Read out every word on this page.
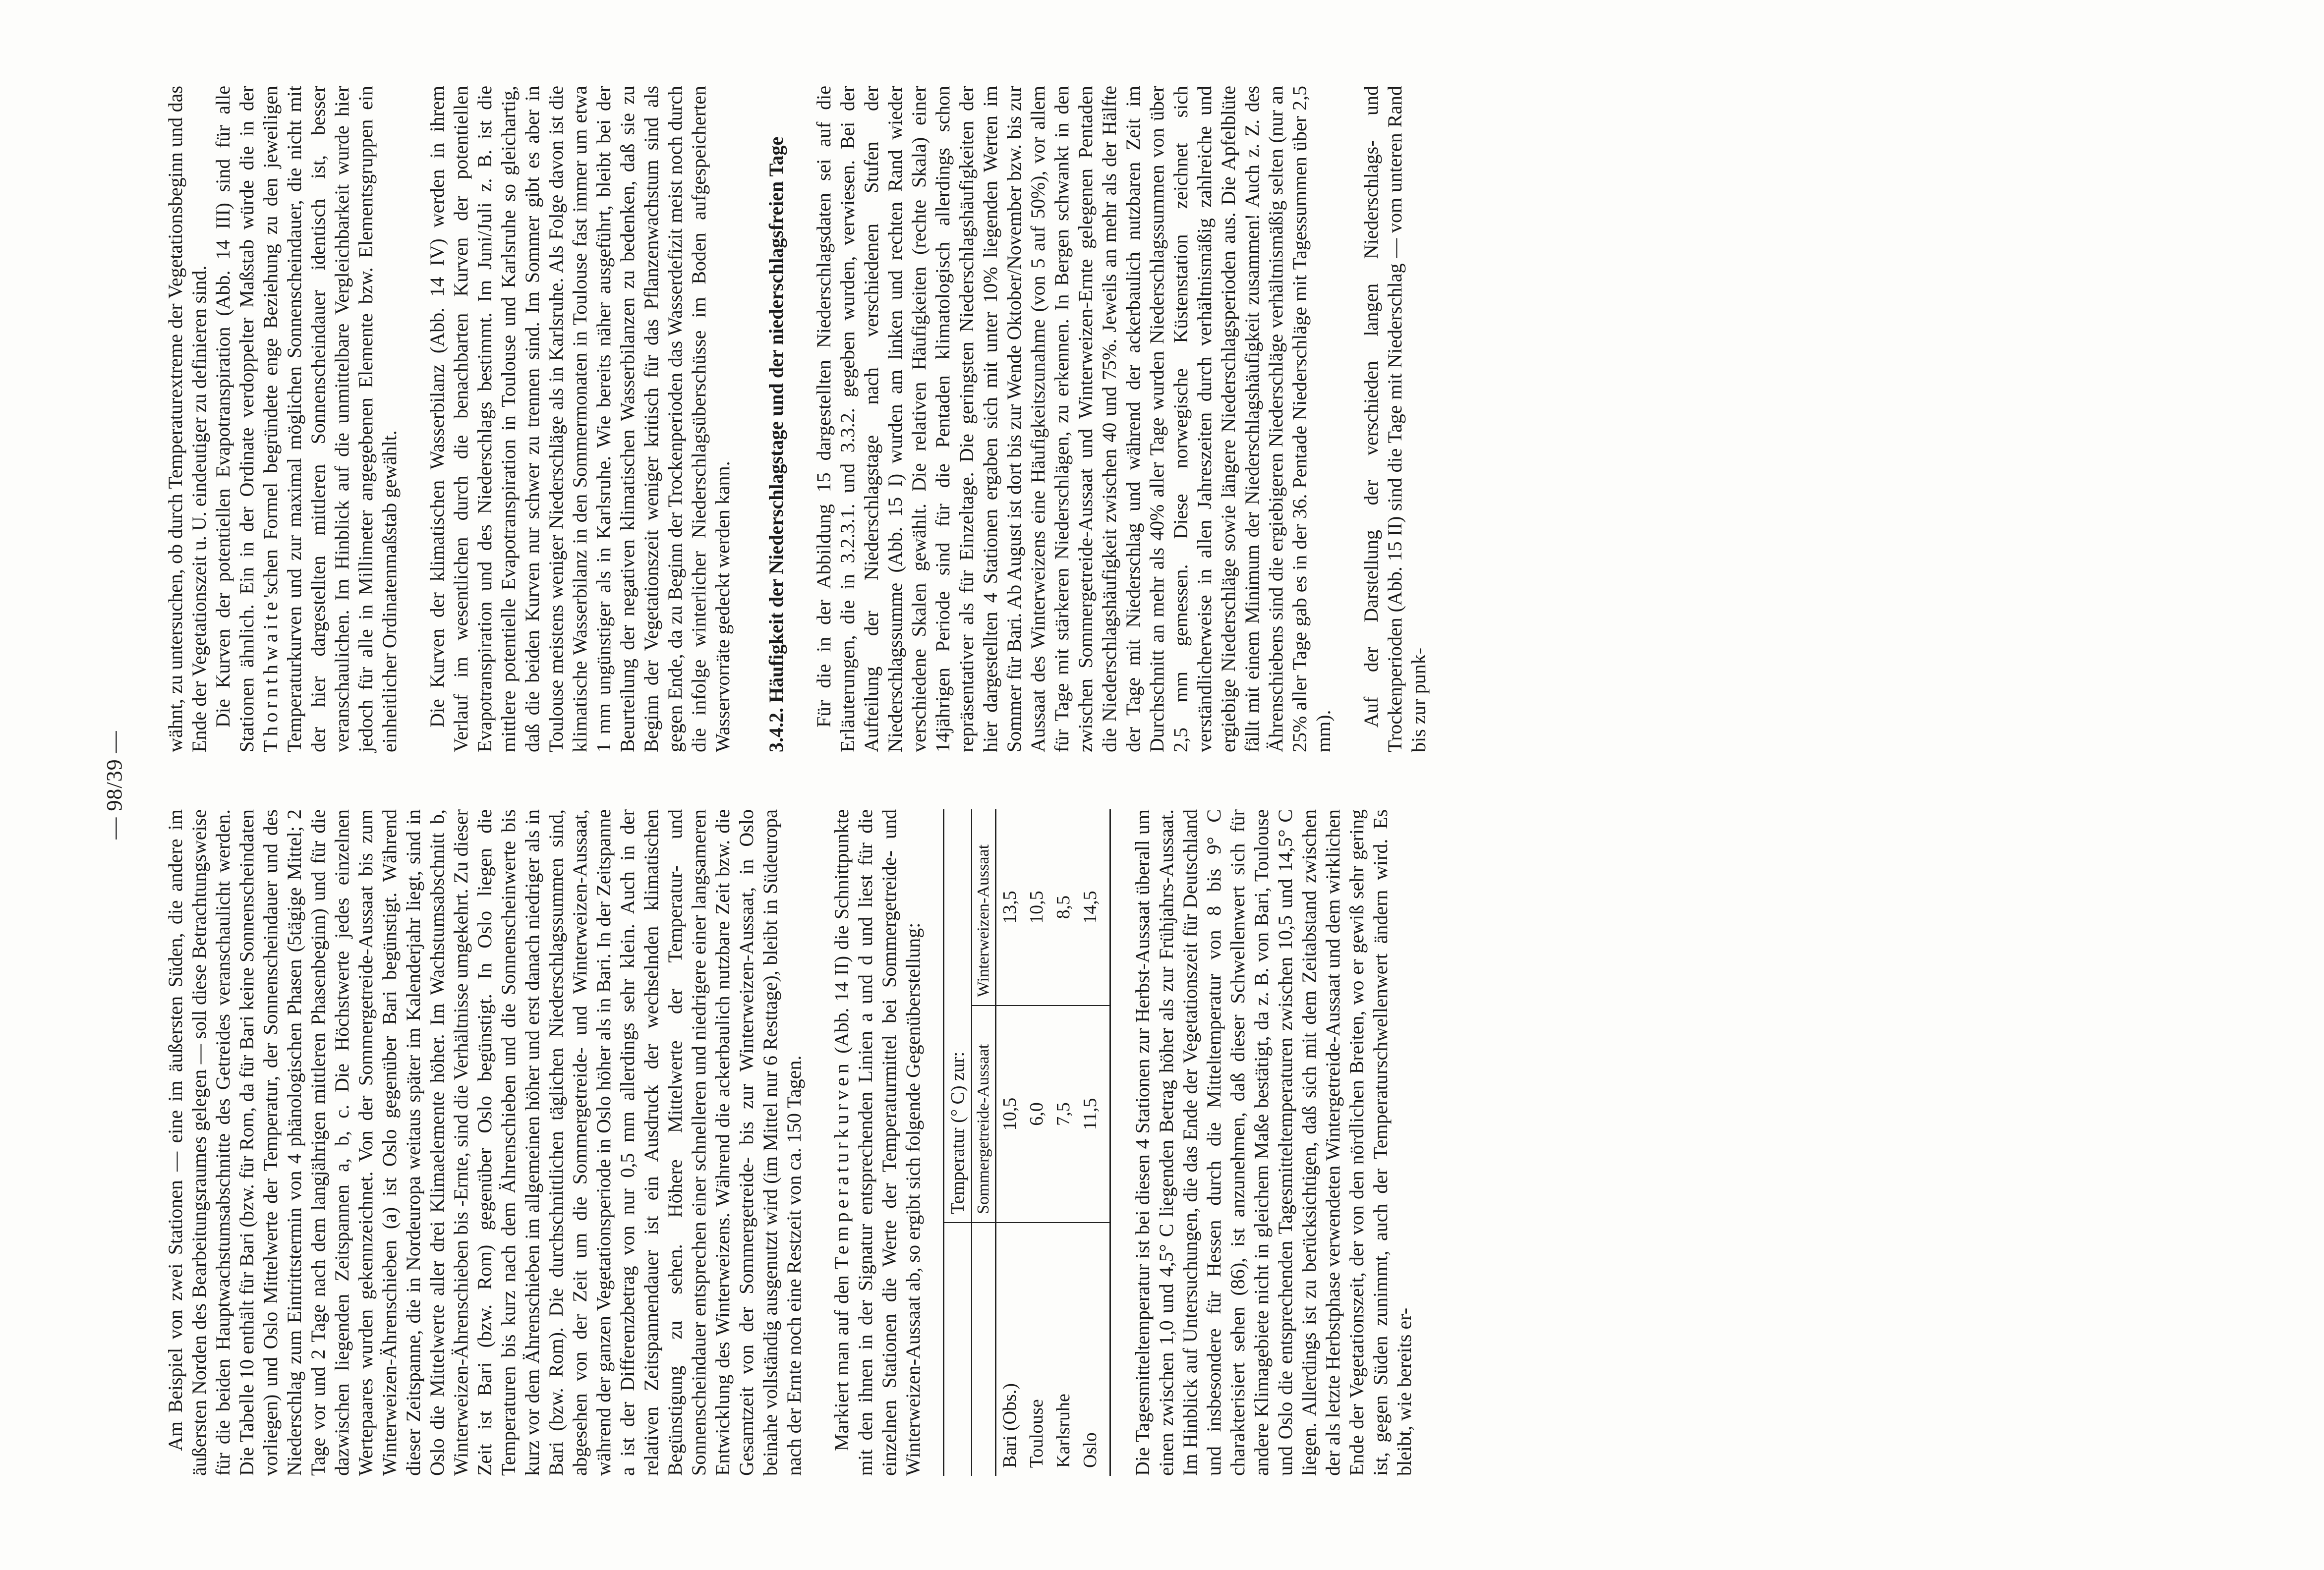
— 98/39 —

Am Beispiel von zwei Stationen — eine im äußersten Süden, die andere im äußersten Norden des Bearbeitungsraumes gelegen — soll diese Betrachtungsweise für die beiden Hauptwachstumsabschnitte des Getreides veranschaulicht werden. Die Tabelle 10 enthält für Bari (bzw. für Rom, da für Bari keine Sonnenscheindaten vorliegen) und Oslo Mittelwerte der Temperatur, der Sonnenscheindauer und des Niederschlag zum Eintrittstermin von 4 phänologischen Phasen (5tägige Mittel; 2 Tage vor und 2 Tage nach dem langjährigen mittleren Phasenbeginn) und für die dazwischen liegenden Zeitspannen a, b, c. Die Höchstwerte jedes einzelnen Wertepaares wurden gekennzeichnet. Von der Sommergetreide-Aussaat bis zum Winterweizen-Ährenschieben (a) ist Oslo gegenüber Bari begünstigt. Während dieser Zeitspanne, die in Nordeuropa weitaus später im Kalenderjahr liegt, sind in Oslo die Mittelwerte aller drei Klimaelemente höher. Im Wachstumsabschnitt b, Winterweizen-Ährenschieben bis -Ernte, sind die Verhältnisse umgekehrt. Zu dieser Zeit ist Bari (bzw. Rom) gegenüber Oslo begünstigt. In Oslo liegen die Temperaturen bis kurz nach dem Ährenschieben und die Sonnenscheinwerte bis kurz vor dem Ährenschieben im allgemeinen höher und erst danach niedriger als in Bari (bzw. Rom). Die durchschnittlichen täglichen Niederschlagssummen sind, abgesehen von der Zeit um die Sommergetreide- und Winterweizen-Aussaat, während der ganzen Vegetationsperiode in Oslo höher als in Bari. In der Zeitspanne a ist der Differenzbetrag von nur 0,5 mm allerdings sehr klein. Auch in der relativen Zeitspannendauer ist ein Ausdruck der wechselnden klimatischen Begünstigung zu sehen. Höhere Mittelwerte der Temperatur- und Sonnenscheindauer entsprechen einer schnelleren und niedrigere einer langsameren Entwicklung des Winterweizens. Während die ackerbaulich nutzbare Zeit bzw. die Gesamtzeit von der Sommergetreide- bis zur Winterweizen-Aussaat, in Oslo beinahe vollständig ausgenutzt wird (im Mittel nur 6 Resttage), bleibt in Südeuropa nach der Ernte noch eine Restzeit von ca. 150 Tagen. Markiert man auf den Temperaturkurven (Abb. 14 II) die Schnittpunkte mit den ihnen in der Signatur entsprechenden Linien a und d und liest für die einzelnen Stationen die Werte der Temperaturmittel bei Sommergetreide- und Winterweizen-Aussaat ab, so ergibt sich folgende Gegenüberstellung:

	Temperatur (° C) zur:	
	Sommergetreide-Aussaat	Winterweizen-Aussaat
Bari (Obs.)	10,5	13,5
Toulouse	6,0	10,5
Karlsruhe	7,5	8,5
Oslo	11,5	14,5 Die Tagesmitteltemperatur ist bei diesen 4 Stationen zur Herbst-Aussaat überall um einen zwischen 1,0 und 4,5° C liegenden Betrag höher als zur Frühjahrs-Aussaat. Im Hinblick auf Untersuchungen, die das Ende der Vegetationszeit für Deutschland und insbesondere für Hessen durch die Mitteltemperatur von 8 bis 9° C charakterisiert sehen (86), ist anzunehmen, daß dieser Schwellenwert sich für andere Klimagebiete nicht in gleichem Maße bestätigt, da z. B. von Bari, Toulouse und Oslo die entsprechenden Tagesmitteltemperaturen zwischen 10,5 und 14,5° C liegen. Allerdings ist zu berücksichtigen, daß sich mit dem Zeitabstand zwischen der als letzte Herbstphase verwendeten Wintergetreide-Aussaat und dem wirklichen Ende der Vegetationszeit, der von den nördlichen Breiten, wo er gewiß sehr gering ist, gegen Süden zunimmt, auch der Temperaturschwellenwert ändern wird. Es bleibt, wie bereits er-

wähnt, zu untersuchen, ob durch Temperaturextreme der Vegetationsbeginn und das Ende der Vegetationszeit u. U. eindeutiger zu definieren sind. Die Kurven der potentiellen Evapotranspiration (Abb. 14 III) sind für alle Stationen ähnlich. Ein in der Ordinate verdoppelter Maßstab würde die in der Thornthwaite'schen Formel begründete enge Beziehung zu den jeweiligen Temperaturkurven und zur maximal möglichen Sonnenscheindauer, die nicht mit der hier dargestellten mittleren Sonnenscheindauer identisch ist, besser veranschaulichen. Im Hinblick auf die unmittelbare Vergleichbarkeit wurde hier jedoch für alle in Millimeter angegebenen Elemente bzw. Elementsgruppen ein einheitlicher Ordinatenmaßstab gewählt. Die Kurven der klimatischen Wasserbilanz (Abb. 14 IV) werden in ihrem Verlauf im wesentlichen durch die benachbarten Kurven der potentiellen Evapotranspiration und des Niederschlags bestimmt. Im Juni/Juli z. B. ist die mittlere potentielle Evapotranspiration in Toulouse und Karlsruhe so gleichartig, daß die beiden Kurven nur schwer zu trennen sind. Im Sommer gibt es aber in Toulouse meistens weniger Niederschläge als in Karlsruhe. Als Folge davon ist die klimatische Wasserbilanz in den Sommermonaten in Toulouse fast immer um etwa 1 mm ungünstiger als in Karlsruhe. Wie bereits näher ausgeführt, bleibt bei der Beurteilung der negativen klimatischen Wasserbilanzen zu bedenken, daß sie zu Beginn der Vegetationszeit weniger kritisch für das Pflanzenwachstum sind als gegen Ende, da zu Beginn der Trockenperioden das Wasserdefizit meist noch durch die infolge winterlicher Niederschlagsüberschüsse im Boden aufgespeicherten Wasservorräte gedeckt werden kann. 3.4.2. Häufigkeit der Niederschlagstage und der niederschlagsfreien Tage Für die in der Abbildung 15 dargestellten Niederschlagsdaten sei auf die Erläuterungen, die in 3.2.3.1. und 3.3.2. gegeben wurden, verwiesen. Bei der Aufteilung der Niederschlagstage nach verschiedenen Stufen der Niederschlagssumme (Abb. 15 I) wurden am linken und rechten Rand wieder verschiedene Skalen gewählt. Die relativen Häufigkeiten (rechte Skala) einer 14jährigen Periode sind für die Pentaden klimatologisch allerdings schon repräsentativer als für Einzeltage. Die geringsten Niederschlagshäufigkeiten der hier dargestellten 4 Stationen ergaben sich mit unter 10% liegenden Werten im Sommer für Bari. Ab August ist dort bis zur Wende Oktober/November bzw. bis zur Aussaat des Winterweizens eine Häufigkeitszunahme (von 5 auf 50%), vor allem für Tage mit stärkeren Niederschlägen, zu erkennen. In Bergen schwankt in den zwischen Sommergetreide-Aussaat und Winterweizen-Ernte gelegenen Pentaden die Niederschlagshäufigkeit zwischen 40 und 75%. Jeweils an mehr als der Hälfte der Tage mit Niederschlag und während der ackerbaulich nutzbaren Zeit im Durchschnitt an mehr als 40% aller Tage wurden Niederschlagssummen von über 2,5 mm gemessen. Diese norwegische Küstenstation zeichnet sich verständlicherweise in allen Jahreszeiten durch verhältnismäßig zahlreiche und ergiebige Niederschläge sowie längere Niederschlagsperioden aus. Die Apfelblüte fällt mit einem Minimum der Niederschlagshäufigkeit zusammen! Auch z. Z. des Ährenschiebens sind die ergiebigeren Niederschläge verhältnismäßig selten (nur an 25% aller Tage gab es in der 36. Pentade Niederschläge mit Tagessummen über 2,5 mm).

Auf der Darstellung der verschieden langen Niederschlags- und Trockenperioden (Abb. 15 II) sind die Tage mit Niederschlag — vom unteren Rand bis zur punk-
